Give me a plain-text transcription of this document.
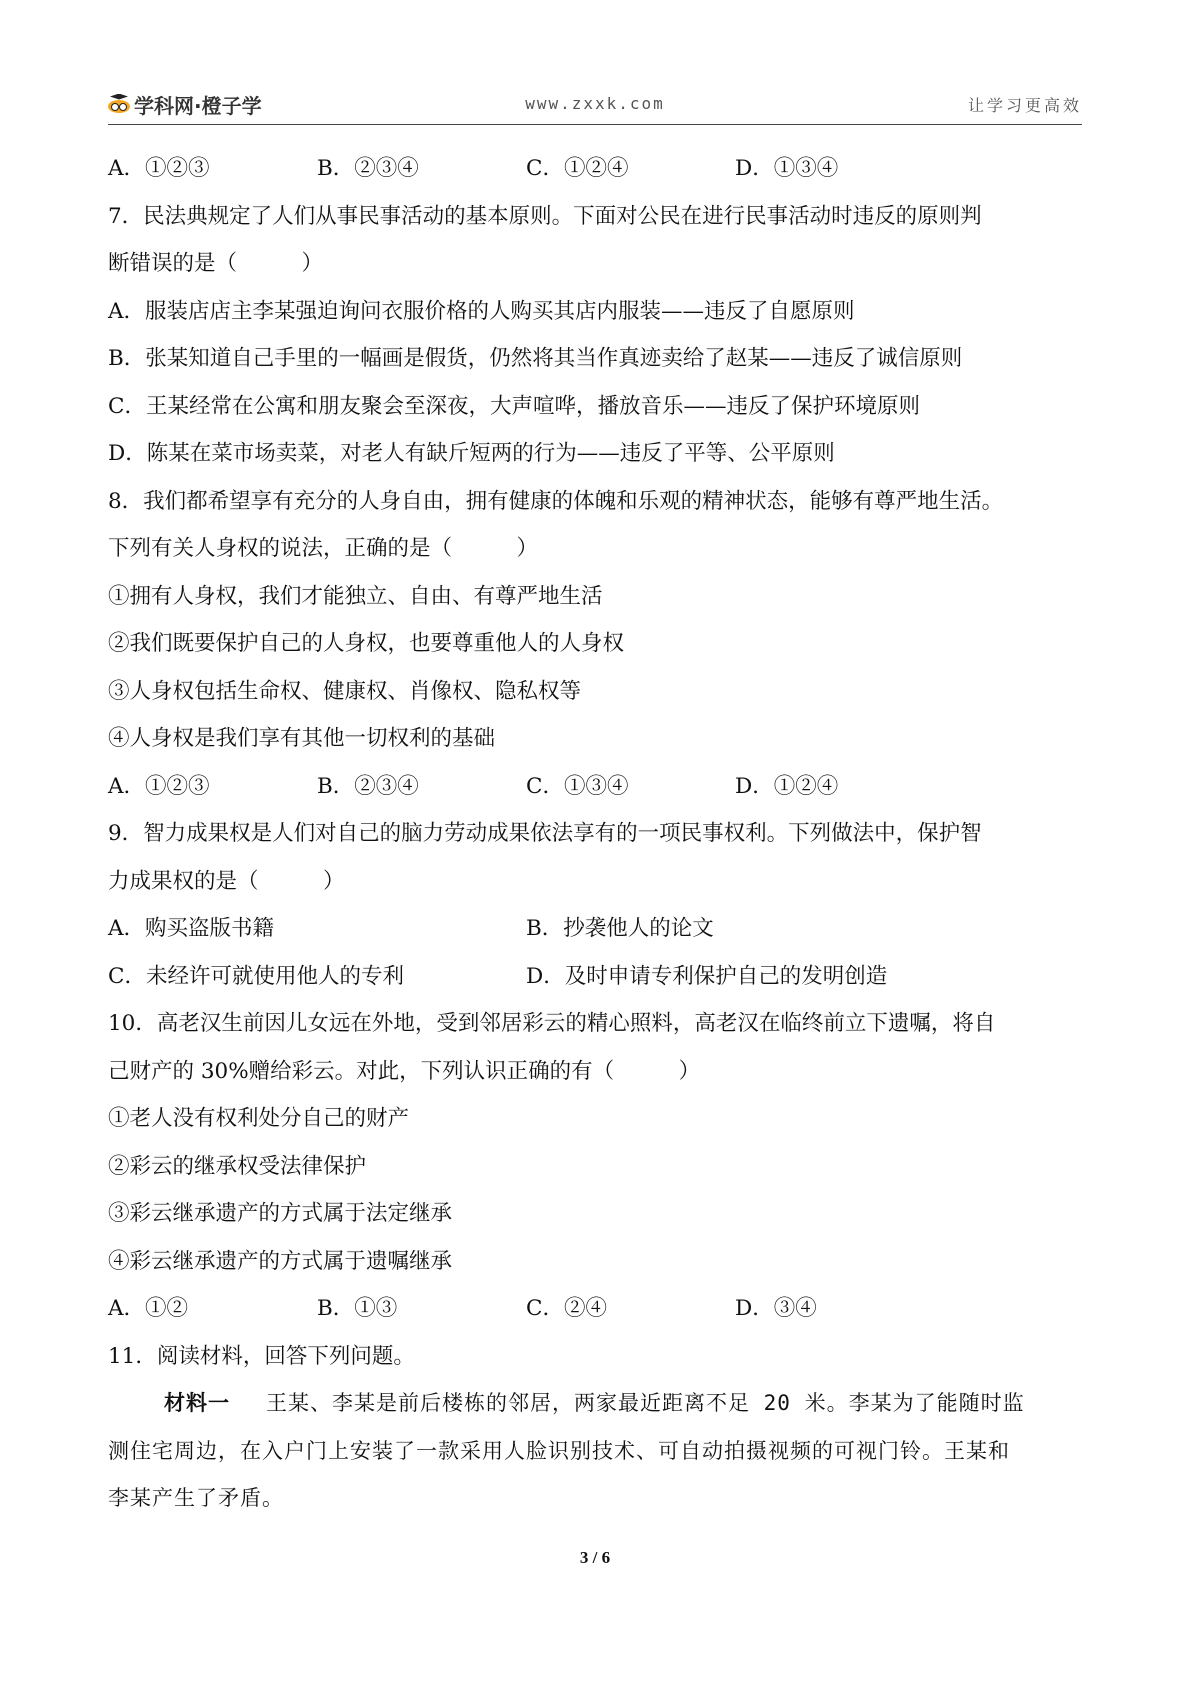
学科网·橙子学	www.zxxk.com	让学习更高效
A．①②③	B．②③④	C．①②④	D．①③④
7．民法典规定了人们从事民事活动的基本原则。下面对公民在进行民事活动时违反的原则判
断错误的是（　　　）
A．服装店店主李某强迫询问衣服价格的人购买其店内服装——违反了自愿原则
B．张某知道自己手里的一幅画是假货，仍然将其当作真迹卖给了赵某——违反了诚信原则
C．王某经常在公寓和朋友聚会至深夜，大声喧哗，播放音乐——违反了保护环境原则
D．陈某在菜市场卖菜，对老人有缺斤短两的行为——违反了平等、公平原则
8．我们都希望享有充分的人身自由，拥有健康的体魄和乐观的精神状态，能够有尊严地生活。
下列有关人身权的说法，正确的是（　　　）
①拥有人身权，我们才能独立、自由、有尊严地生活
②我们既要保护自己的人身权，也要尊重他人的人身权
③人身权包括生命权、健康权、肖像权、隐私权等
④人身权是我们享有其他一切权利的基础
A．①②③	B．②③④	C．①③④	D．①②④
9．智力成果权是人们对自己的脑力劳动成果依法享有的一项民事权利。下列做法中，保护智
力成果权的是（　　　）
A．购买盗版书籍	B．抄袭他人的论文
C．未经许可就使用他人的专利	D．及时申请专利保护自己的发明创造
10．高老汉生前因儿女远在外地，受到邻居彩云的精心照料，高老汉在临终前立下遗嘱，将自
己财产的 30%赠给彩云。对此，下列认识正确的有（　　　）
①老人没有权利处分自己的财产
②彩云的继承权受法律保护
③彩云继承遗产的方式属于法定继承
④彩云继承遗产的方式属于遗嘱继承
A．①②	B．①③	C．②④	D．③④
11．阅读材料，回答下列问题。
材料一 王某、李某是前后楼栋的邻居，两家最近距离不足 20 米。李某为了能随时监
测住宅周边，在入户门上安装了一款采用人脸识别技术、可自动拍摄视频的可视门铃。王某和
李某产生了矛盾。
3 / 6
